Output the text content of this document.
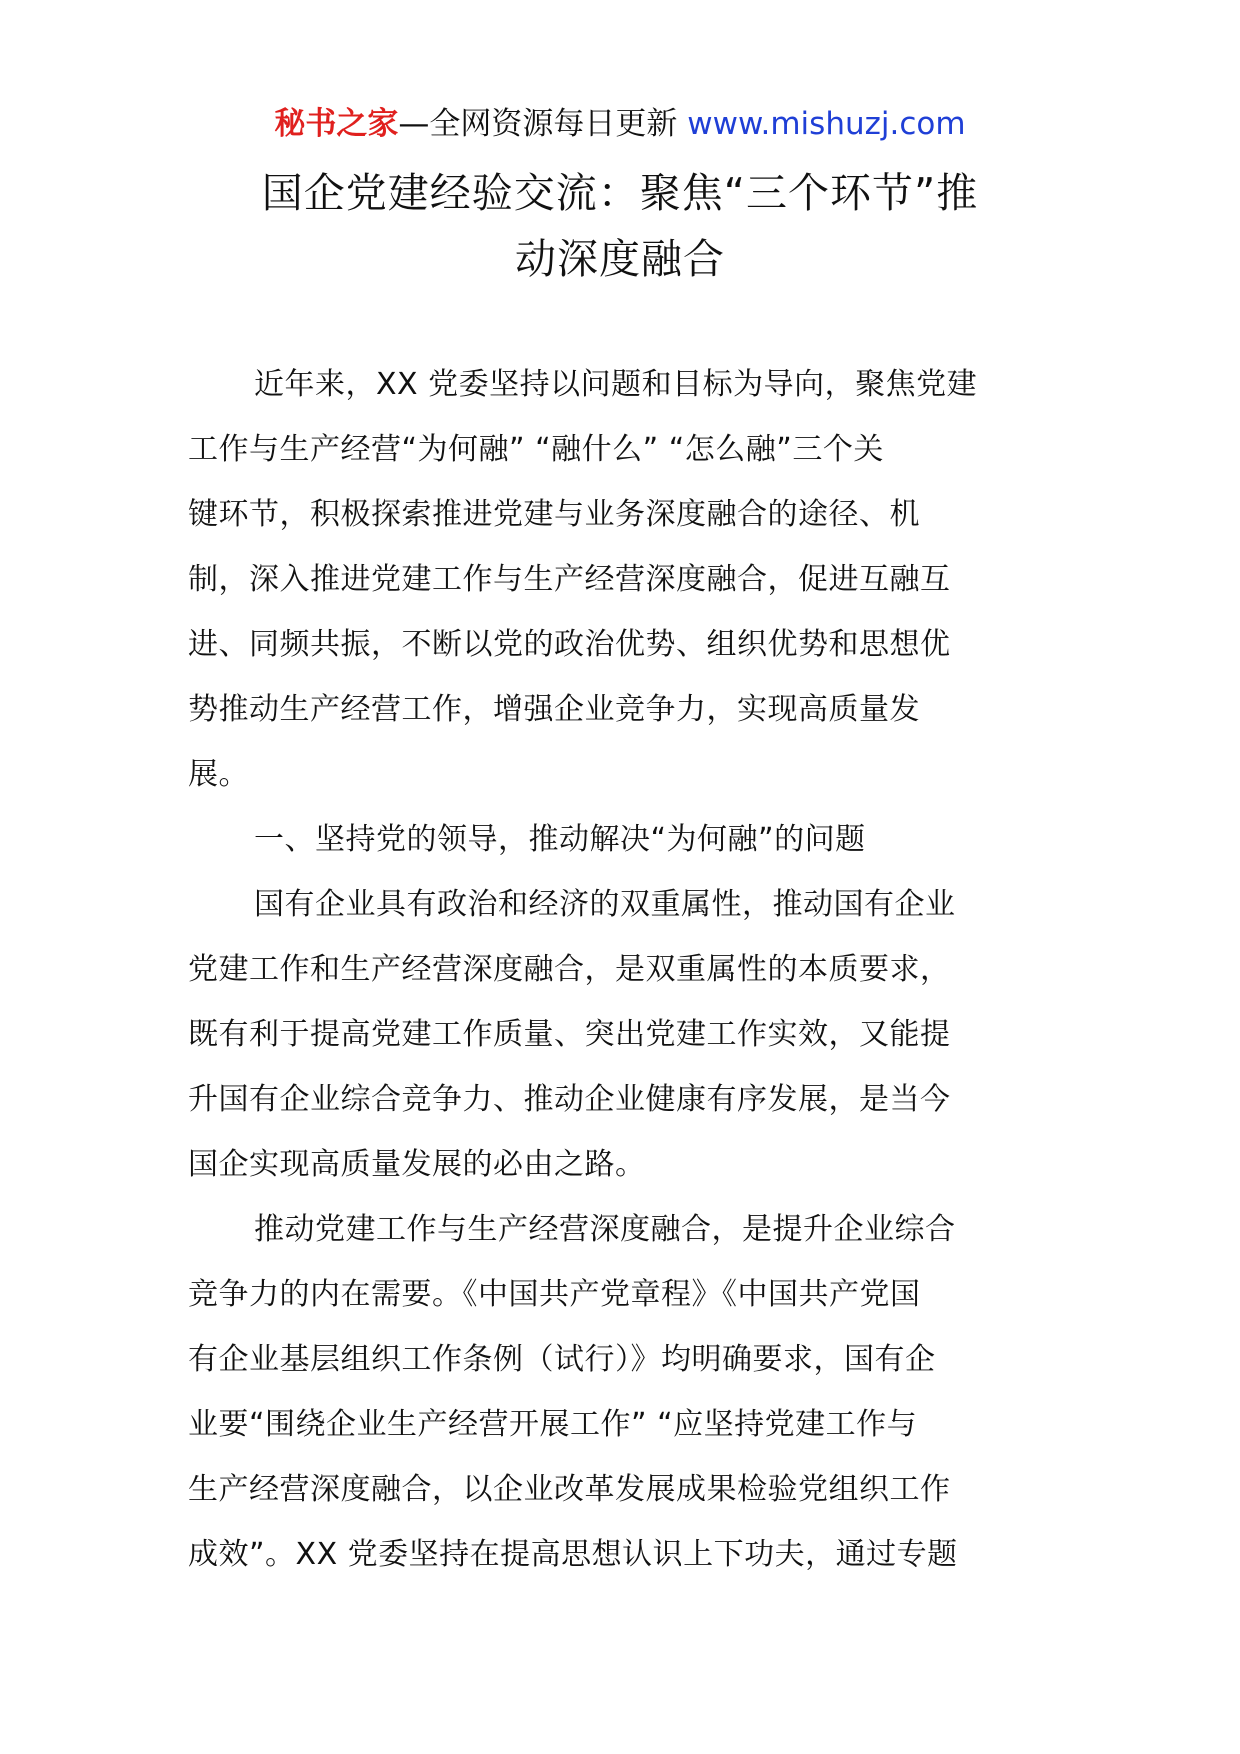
秘书之家—全网资源每日更新 www.mishuzj.com
国企党建经验交流：聚焦“三个环节”推
动深度融合

近年来，XX 党委坚持以问题和目标为导向，聚焦党建
工作与生产经营“为何融” “融什么” “怎么融”三个关
键环节，积极探索推进党建与业务深度融合的途径、机
制，深入推进党建工作与生产经营深度融合，促进互融互
进、同频共振，不断以党的政治优势、组织优势和思想优
势推动生产经营工作，增强企业竞争力，实现高质量发
展。

一、坚持党的领导，推动解决“为何融”的问题

国有企业具有政治和经济的双重属性，推动国有企业
党建工作和生产经营深度融合，是双重属性的本质要求，
既有利于提高党建工作质量、突出党建工作实效，又能提
升国有企业综合竞争力、推动企业健康有序发展，是当今
国企实现高质量发展的必由之路。

推动党建工作与生产经营深度融合，是提升企业综合
竞争力的内在需要。《中国共产党章程》《中国共产党国
有企业基层组织工作条例（试行）》均明确要求，国有企
业要“围绕企业生产经营开展工作” “应坚持党建工作与
生产经营深度融合，以企业改革发展成果检验党组织工作
成效”。XX 党委坚持在提高思想认识上下功夫，通过专题
